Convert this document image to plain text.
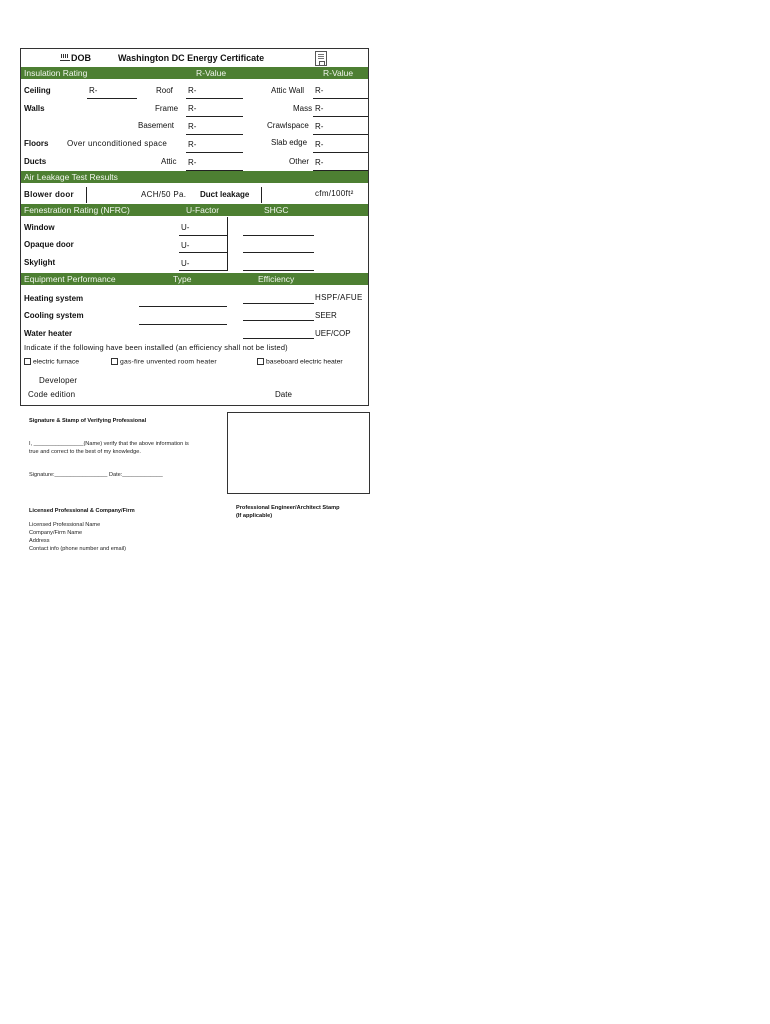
DOB	Washington DC Energy Certificate
Insulation Rating	R-Value	R-Value
Ceiling	R-	Roof R-	Attic Wall R-
Walls	Frame R-	Mass R-
Basement R-	Crawlspace R-
Floors Over unconditioned space	R-	Slab edge R-
Ducts	Attic R-	Other R-
Air Leakage Test Results
Blower door	ACH/50 Pa. Duct leakage	cfm/100ft²
Fenestration Rating (NFRC)	U-Factor	SHGC
Window	U-
Opaque door	U-
Skylight	U-
Equipment Performance	Type	Efficiency
Heating system	HSPF/AFUE
Cooling system	SEER
Water heater	UEF/COP
Indicate if the following have been installed (an efficiency shall not be listed)
electric furnace	gas-fire unvented room heater	baseboard electric heater
Developer
Code edition	Date
Signature & Stamp of Verifying Professional
I, ________________(Name) verify that the above information is
true and correct to the best of my knowledge.
Signature:_________________ Date:_____________
Professional Engineer/Architect Stamp
(If applicable)
Licensed Professional & Company/Firm
Licensed Professional Name
Company/Firm Name
Address
Contact info (phone number and email)
